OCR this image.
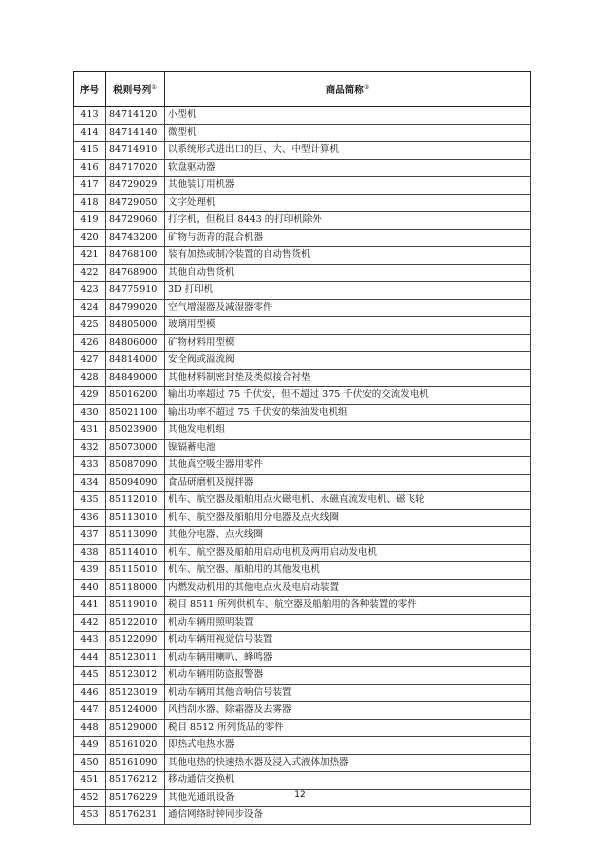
序号	税则号列①	商品简称②
413	84714120	小型机
414	84714140	微型机
415	84714910	以系统形式进出口的巨、大、中型计算机
416	84717020	软盘驱动器
417	84729029	其他装订用机器
418	84729050	文字处理机
419	84729060	打字机，但税目 8443 的打印机除外
420	84743200	矿物与沥青的混合机器
421	84768100	装有加热或制冷装置的自动售货机
422	84768900	其他自动售货机
423	84775910	3D 打印机
424	84799020	空气增湿器及减湿器零件
425	84805000	玻璃用型模
426	84806000	矿物材料用型模
427	84814000	安全阀或溢流阀
428	84849000	其他材料制密封垫及类似接合衬垫
429	85016200	输出功率超过 75 千伏安，但不超过 375 千伏安的交流发电机
430	85021100	输出功率不超过 75 千伏安的柴油发电机组
431	85023900	其他发电机组
432	85073000	镍镉蓄电池
433	85087090	其他真空吸尘器用零件
434	85094090	食品研磨机及搅拌器
435	85112010	机车、航空器及船舶用点火磁电机、永磁直流发电机、磁飞轮
436	85113010	机车、航空器及船舶用分电器及点火线圈
437	85113090	其他分电器、点火线圈
438	85114010	机车、航空器及船舶用启动电机及两用启动发电机
439	85115010	机车、航空器、船舶用的其他发电机
440	85118000	内燃发动机用的其他电点火及电启动装置
441	85119010	税目 8511 所列供机车、航空器及船舶用的各种装置的零件
442	85122010	机动车辆用照明装置
443	85122090	机动车辆用视觉信号装置
444	85123011	机动车辆用喇叭、蜂鸣器
445	85123012	机动车辆用防盗报警器
446	85123019	机动车辆用其他音响信号装置
447	85124000	风挡刮水器、除霜器及去雾器
448	85129000	税目 8512 所列货品的零件
449	85161020	即热式电热水器
450	85161090	其他电热的快速热水器及浸入式液体加热器
451	85176212	移动通信交换机
452	85176229	其他光通讯设备
453	85176231	通信网络时钟同步设备
12
